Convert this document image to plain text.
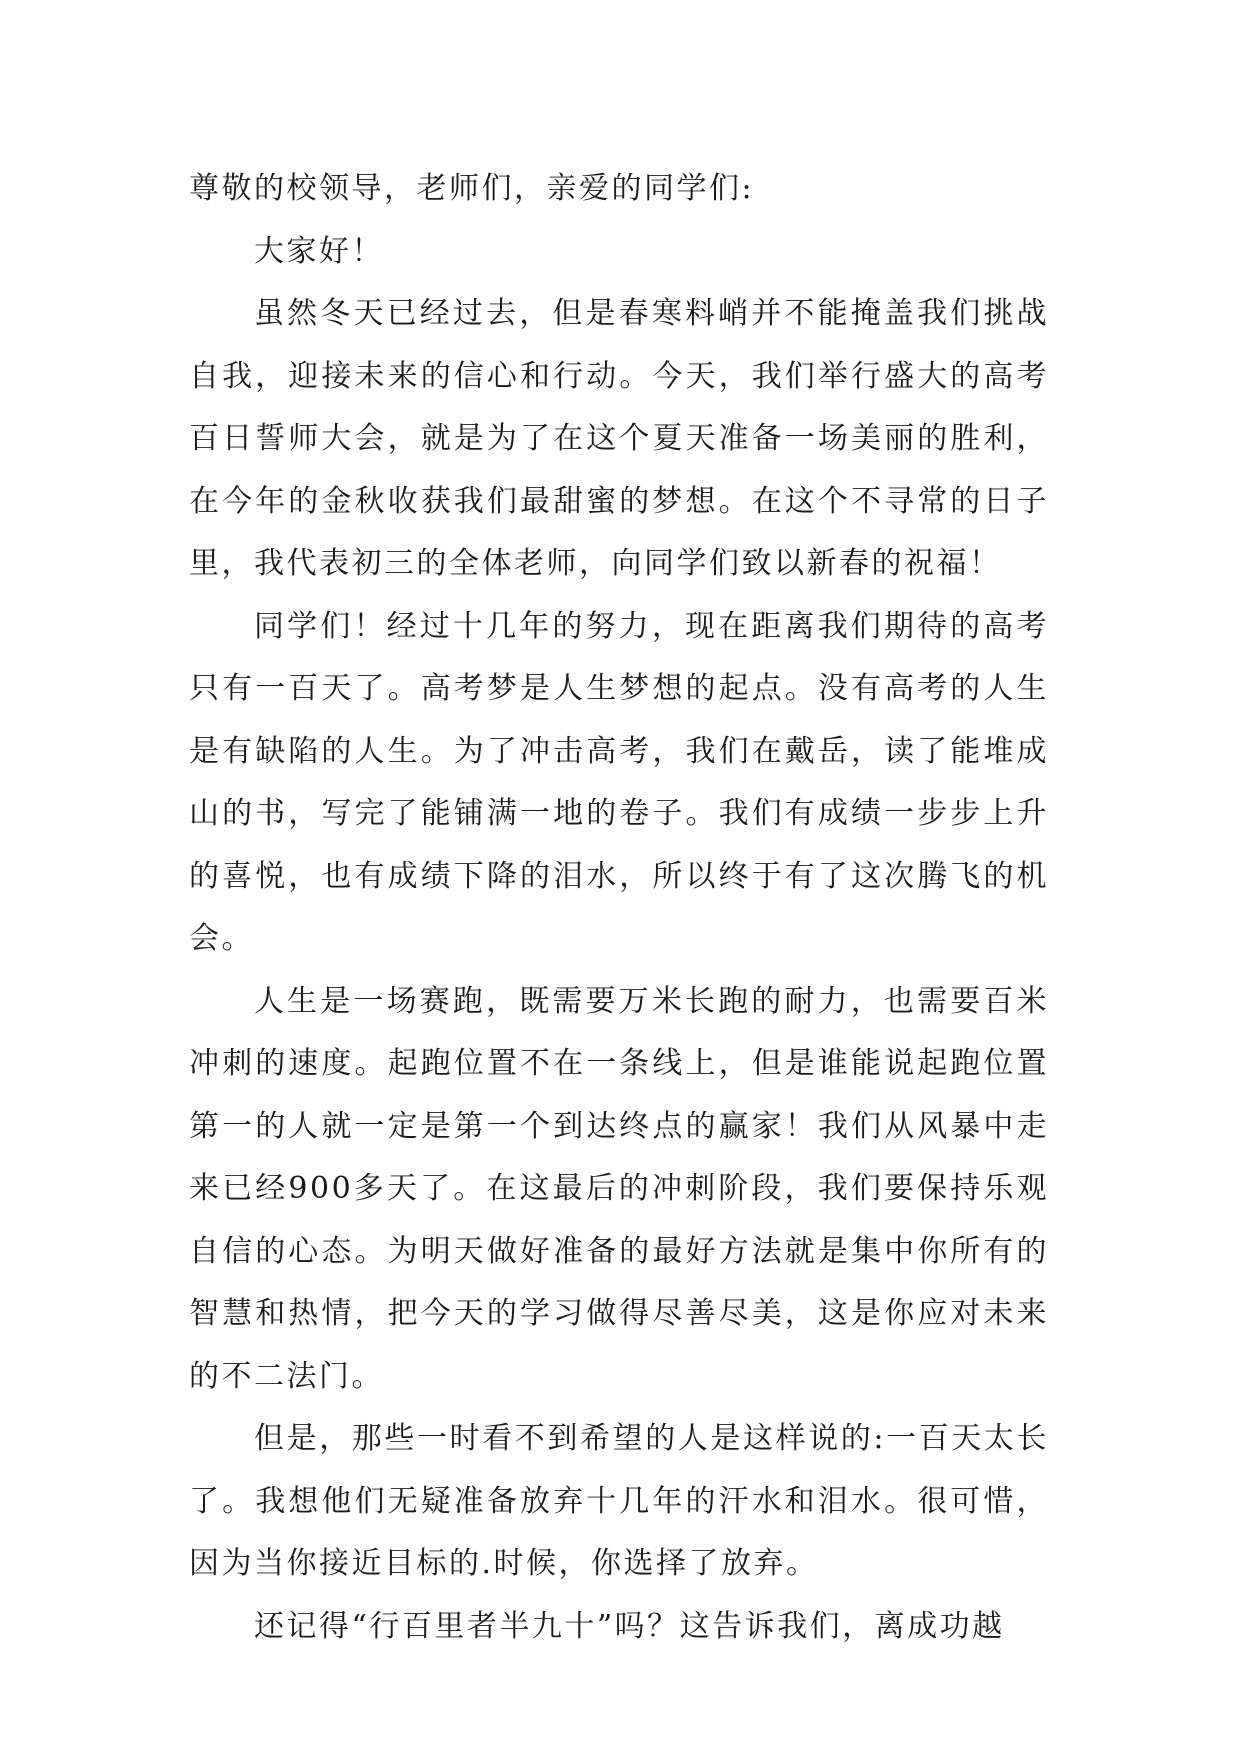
尊敬的校领导，老师们，亲爱的同学们:

大家好！

虽然冬天已经过去，但是春寒料峭并不能掩盖我们挑战自我，迎接未来的信心和行动。今天，我们举行盛大的高考百日誓师大会，就是为了在这个夏天准备一场美丽的胜利，在今年的金秋收获我们最甜蜜的梦想。在这个不寻常的日子里，我代表初三的全体老师，向同学们致以新春的祝福！

同学们！经过十几年的努力，现在距离我们期待的高考只有一百天了。高考梦是人生梦想的起点。没有高考的人生是有缺陷的人生。为了冲击高考，我们在戴岳，读了能堆成山的书，写完了能铺满一地的卷子。我们有成绩一步步上升的喜悦，也有成绩下降的泪水，所以终于有了这次腾飞的机会。

人生是一场赛跑，既需要万米长跑的耐力，也需要百米冲刺的速度。起跑位置不在一条线上，但是谁能说起跑位置第一的人就一定是第一个到达终点的赢家！我们从风暴中走来已经900多天了。在这最后的冲刺阶段，我们要保持乐观自信的心态。为明天做好准备的最好方法就是集中你所有的智慧和热情，把今天的学习做得尽善尽美，这是你应对未来的不二法门。

但是，那些一时看不到希望的人是这样说的:一百天太长了。我想他们无疑准备放弃十几年的汗水和泪水。很可惜，因为当你接近目标的.时候，你选择了放弃。

还记得“行百里者半九十”吗？这告诉我们，离成功越
